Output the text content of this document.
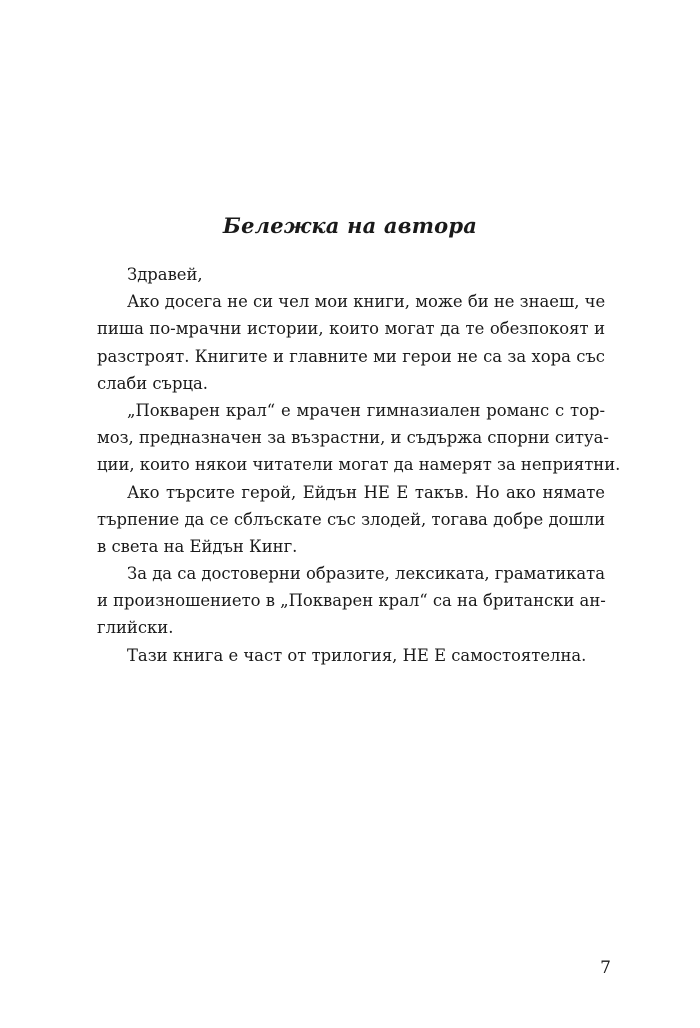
Бележка на автора
Здравей,
Ако досега не си чел мои книги, може би не знаеш, че
пиша по-мрачни истории, които могат да те обезпокоят и
разстроят. Книгите и главните ми герои не са за хора със
слаби сърца.
„Покварен крал“ е мрачен гимназиален романс с тор-
моз, предназначен за възрастни, и съдържа спорни ситуа-
ции, които някои читатели могат да намерят за неприятни.
Ако търсите герой, Ейдън НЕ Е такъв. Но ако нямате
търпение да се сблъскате със злодей, тогава добре дошли
в света на Ейдън Кинг.
За да са достоверни образите, лексиката, граматиката
и произношението в „Покварен крал“ са на британски ан-
глийски.
Тази книга е част от трилогия, НЕ Е самостоятелна.
7
